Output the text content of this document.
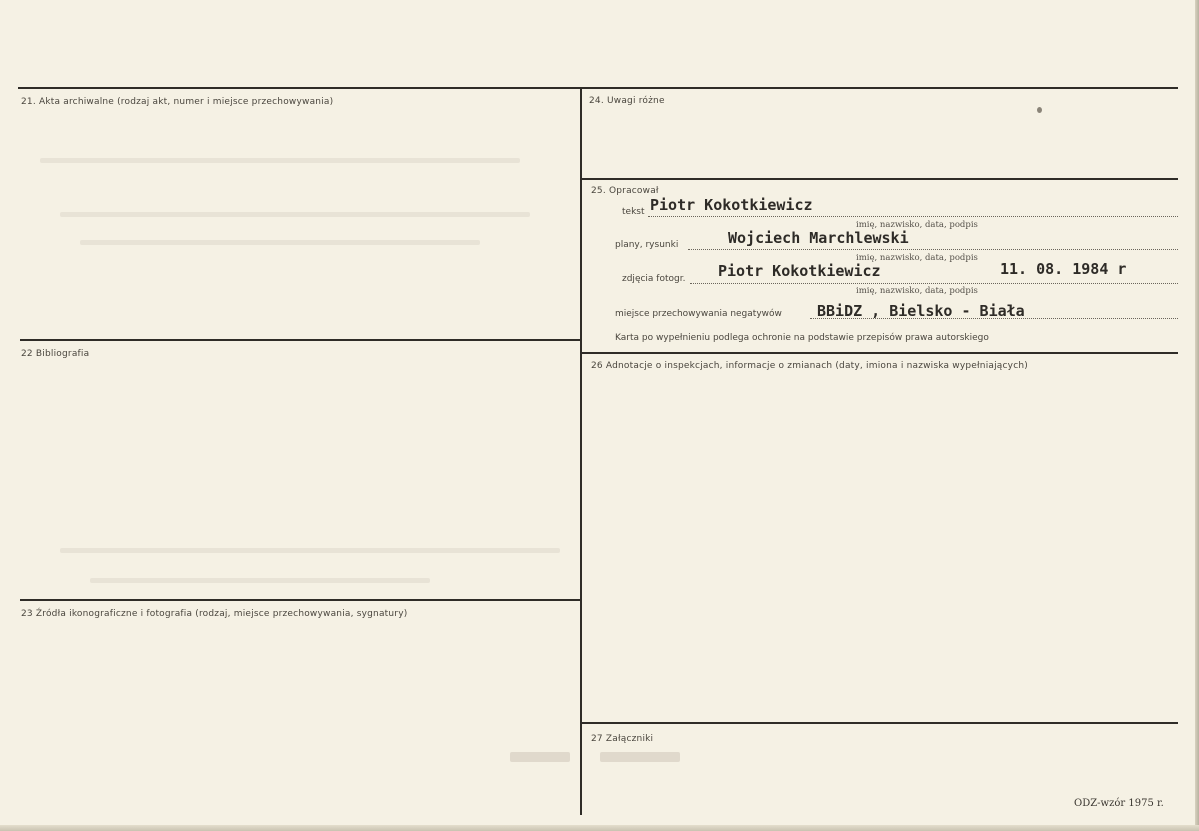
21. Akta archiwalne (rodzaj akt, numer i miejsce przechowywania)
22 Bibliografia
23 Źródła ikonograficzne i fotografia (rodzaj, miejsce przechowywania, sygnatury)
24. Uwagi różne
25. Opracował
26 Adnotacje o inspekcjach, informacje o zmianach (daty, imiona i nazwiska wypełniających)
27 Załączniki
tekst Piotr Kokotkiewicz
imię, nazwisko, data, podpis
plany, rysunki	Wojciech Marchlewski
imię, nazwisko, data, podpis
zdjęcia fotogr. Piotr Kokotkiewicz	11. 08. 1984 r
imię, nazwisko, data, podpis
miejsce przechowywania negatywów BBiDZ , Bielsko - Biała
Karta po wypełnieniu podlega ochronie na podstawie przepisów prawa autorskiego
ODZ-wzór 1975 r.
